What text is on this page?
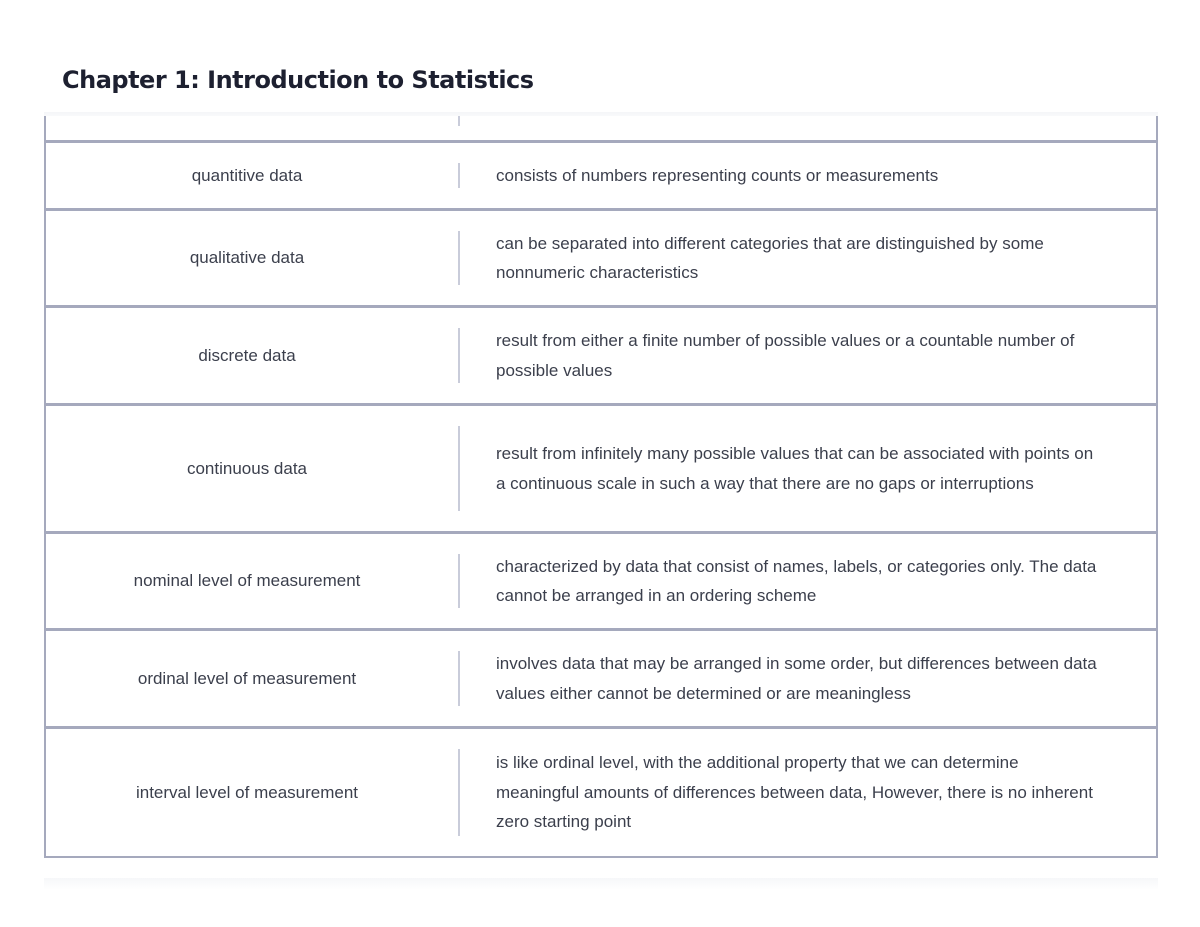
Chapter 1: Introduction to Statistics
quantitive data	consists of numbers representing counts or measurements
qualitative data
can be separated into different categories that are distinguished by some nonnumeric characteristics
discrete data
result from either a finite number of possible values or a countable number of possible values
continuous data
result from infinitely many possible values that can be associated with points on a continuous scale in such a way that there are no gaps or interruptions
nominal level of measurement
characterized by data that consist of names, labels, or categories only. The data cannot be arranged in an ordering scheme
ordinal level of measurement
involves data that may be arranged in some order, but differences between data values either cannot be determined or are meaningless
interval level of measurement
is like ordinal level, with the additional property that we can determine meaningful amounts of differences between data, However, there is no inherent zero starting point
